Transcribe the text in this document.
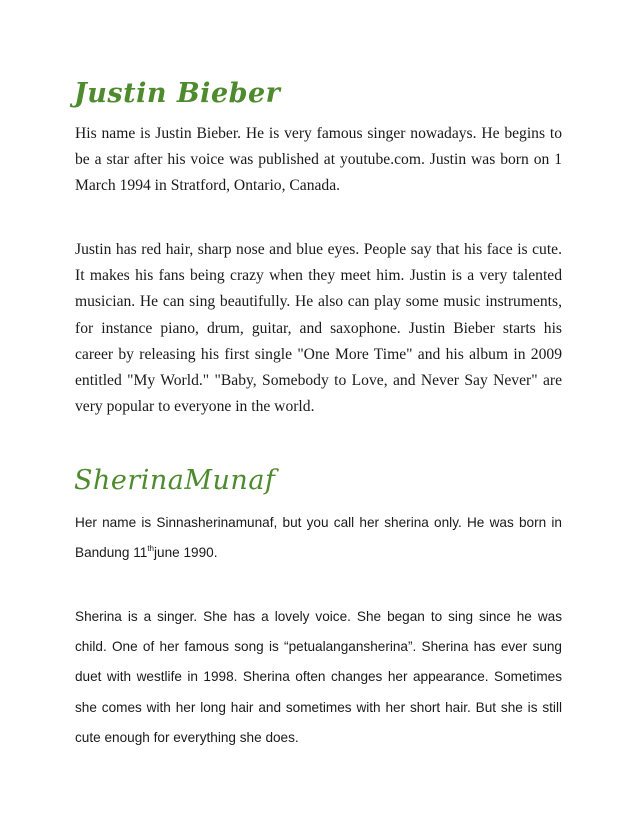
Justin Bieber

His name is Justin Bieber. He is very famous singer nowadays. He begins to be a star after his voice was published at youtube.com. Justin was born on 1 March 1994 in Stratford, Ontario, Canada.

Justin has red hair, sharp nose and blue eyes. People say that his face is cute. It makes his fans being crazy when they meet him. Justin is a very talented musician. He can sing beautifully. He also can play some music instruments, for instance piano, drum, guitar, and saxophone. Justin Bieber starts his career by releasing his first single "One More Time" and his album in 2009 entitled "My World." "Baby, Somebody to Love, and Never Say Never" are very popular to everyone in the world.

SherinaMunaf

Her name is Sinnasherinamunaf, but you call her sherina only. He was born in Bandung 11thjune 1990.

Sherina is a singer. She has a lovely voice. She began to sing since he was child. One of her famous song is “petualangansherina”. Sherina has ever sung duet with westlife in 1998. Sherina often changes her appearance. Sometimes she comes with her long hair and sometimes with her short hair. But she is still cute enough for everything she does.
